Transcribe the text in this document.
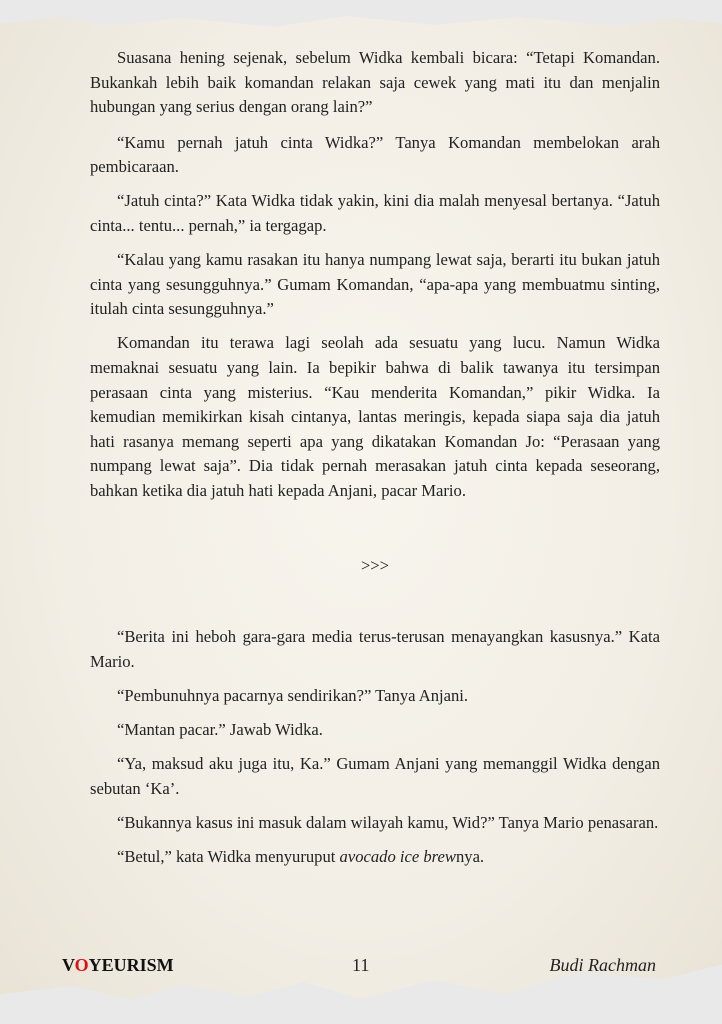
Suasana hening sejenak, sebelum Widka kembali bicara: “Tetapi Komandan. Bukankah lebih baik komandan relakan saja cewek yang mati itu dan menjalin hubungan yang serius dengan orang lain?”

“Kamu pernah jatuh cinta Widka?” Tanya Komandan membelokan arah pembicaraan.

“Jatuh cinta?” Kata Widka tidak yakin, kini dia malah menyesal bertanya. “Jatuh cinta... tentu... pernah,” ia tergagap.

“Kalau yang kamu rasakan itu hanya numpang lewat saja, berarti itu bukan jatuh cinta yang sesungguhnya.” Gumam Komandan, “apa-apa yang membuatmu sinting, itulah cinta sesungguhnya.”

Komandan itu terawa lagi seolah ada sesuatu yang lucu. Namun Widka memaknai sesuatu yang lain. Ia bepikir bahwa di balik tawanya itu tersimpan perasaan cinta yang misterius. “Kau menderita Komandan,” pikir Widka. Ia kemudian memikirkan kisah cintanya, lantas meringis, kepada siapa saja dia jatuh hati rasanya memang seperti apa yang dikatakan Komandan Jo: “Perasaan yang numpang lewat saja”. Dia tidak pernah merasakan jatuh cinta kepada seseorang, bahkan ketika dia jatuh hati kepada Anjani, pacar Mario.

>>>

“Berita ini heboh gara-gara media terus-terusan menayangkan kasusnya.” Kata Mario.

“Pembunuhnya pacarnya sendirikan?” Tanya Anjani.

“Mantan pacar.” Jawab Widka.

“Ya, maksud aku juga itu, Ka.” Gumam Anjani yang memanggil Widka dengan sebutan ‘Ka’.

“Bukannya kasus ini masuk dalam wilayah kamu, Wid?” Tanya Mario penasaran.

“Betul,” kata Widka menyuruput avocado ice brewnya.

VOYEURISM	11	Budi Rachman
